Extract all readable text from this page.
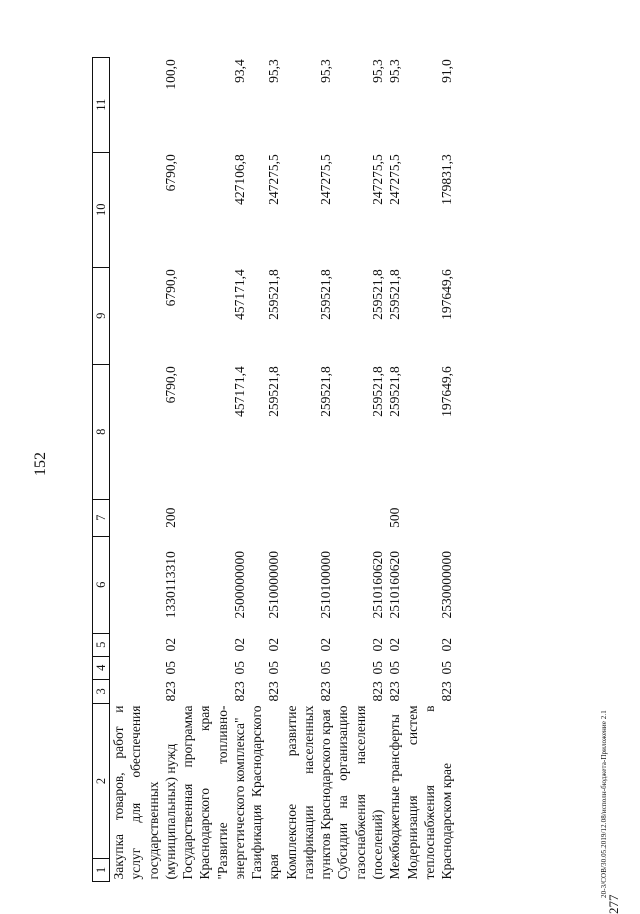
152
1	2	3	4	5	6	7	8	9	10	11
Закупка товаров, работ и услуг для обеспечения государственных (муниципальных) нужд		823	05	02	1330113310	200	6790,0	6790,0	6790,0	100,0
Государственная программа Краснодарского края "Развитие топливно-энергетического комплекса"		823	05	02	2500000000		457171,4	457171,4	427106,8	93,4
Газификация Краснодарского края		823	05	02	2510000000		259521,8	259521,8	247275,5	95,3
Комплексное развитие газификации населенных пунктов Краснодарского края		823	05	02	2510100000		259521,8	259521,8	247275,5	95,3
Субсидии на организацию газоснабжения населения (поселений)		823	05	02	2510160620		259521,8	259521,8	247275,5	95,3
Межбюджетные трансферты		823	05	02	2510160620	500	259521,8	259521,8	247275,5	95,3
Модернизация систем теплоснабжения в Краснодарском крае		823	05	02	2530000000		197649,6	197649,6	179831,3	91,0
20-3/СОВ/30.05.2019/12.08/исполн-бюджета-Приложение 2.1
277
